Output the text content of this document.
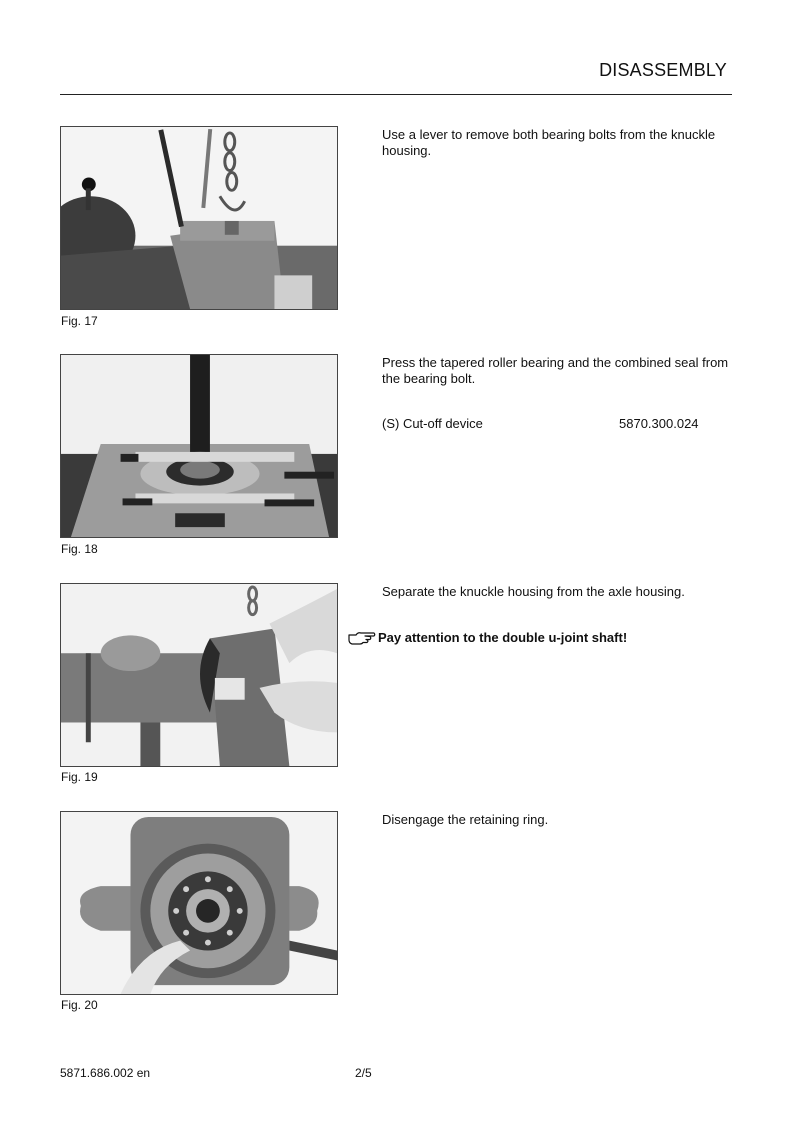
DISASSEMBLY
Fig. 17
Use a lever to remove both bearing bolts from the knuckle housing.
Fig. 18
Press the tapered roller bearing and the combined seal from the bearing bolt.
(S) Cut-off device	5870.300.024
Fig. 19
Separate the knuckle housing from the axle housing.
Pay attention to the double u-joint shaft!
Fig. 20
Disengage the retaining ring.
5871.686.002 en	2/5
